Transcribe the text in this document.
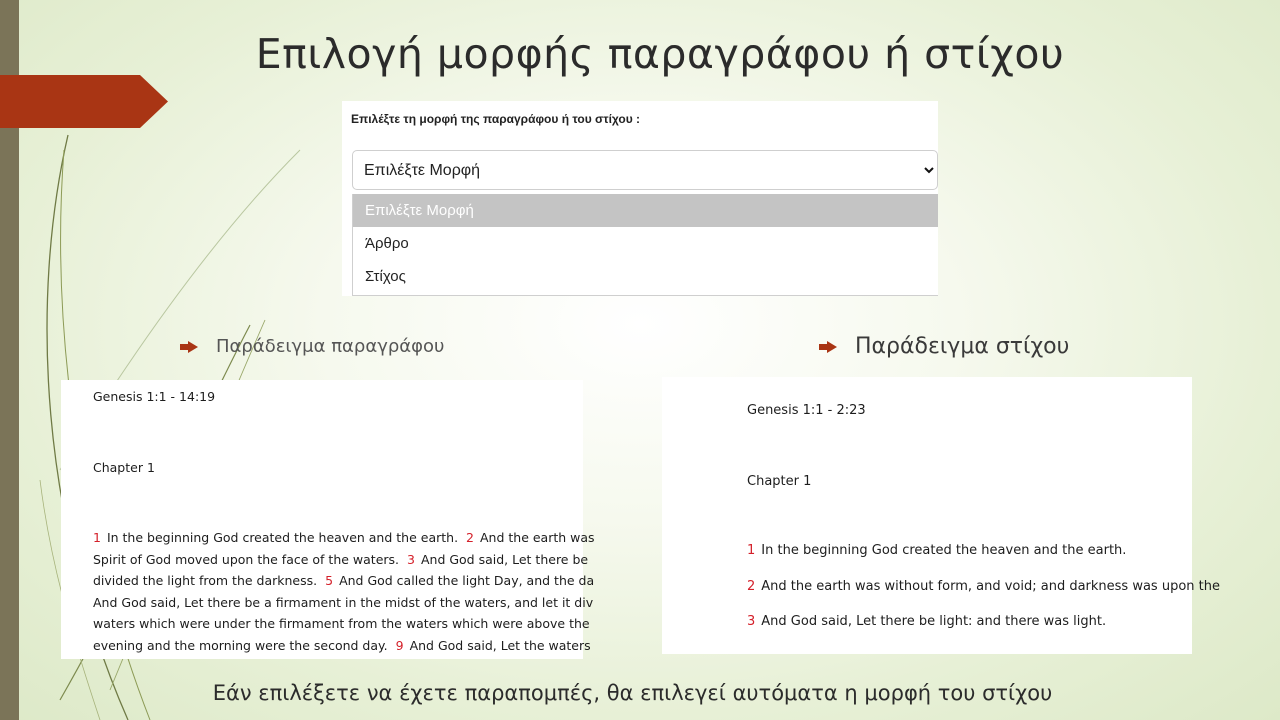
Επιλογή μορφής παραγράφου ή στίχου
Επιλέξτε τη μορφή της παραγράφου ή του στίχου :
Επιλέξτε Μορφή
Επιλέξτε Μορφή
Άρθρο
Στίχος
Παράδειγμα παραγράφου	Παράδειγμα στίχου
Genesis 1:1 - 14:19
Chapter 1
1 In the beginning God created the heaven and the earth. 2 And the earth was
Spirit of God moved upon the face of the waters. 3 And God said, Let there be
divided the light from the darkness. 5 And God called the light Day, and the da
And God said, Let there be a firmament in the midst of the waters, and let it div
waters which were under the firmament from the waters which were above the
evening and the morning were the second day. 9 And God said, Let the waters
Genesis 1:1 - 2:23
Chapter 1
1 In the beginning God created the heaven and the earth.
2 And the earth was without form, and void; and darkness was upon the
3 And God said, Let there be light: and there was light.
Εάν επιλέξετε να έχετε παραπομπές, θα επιλεγεί αυτόματα η μορφή του στίχου
